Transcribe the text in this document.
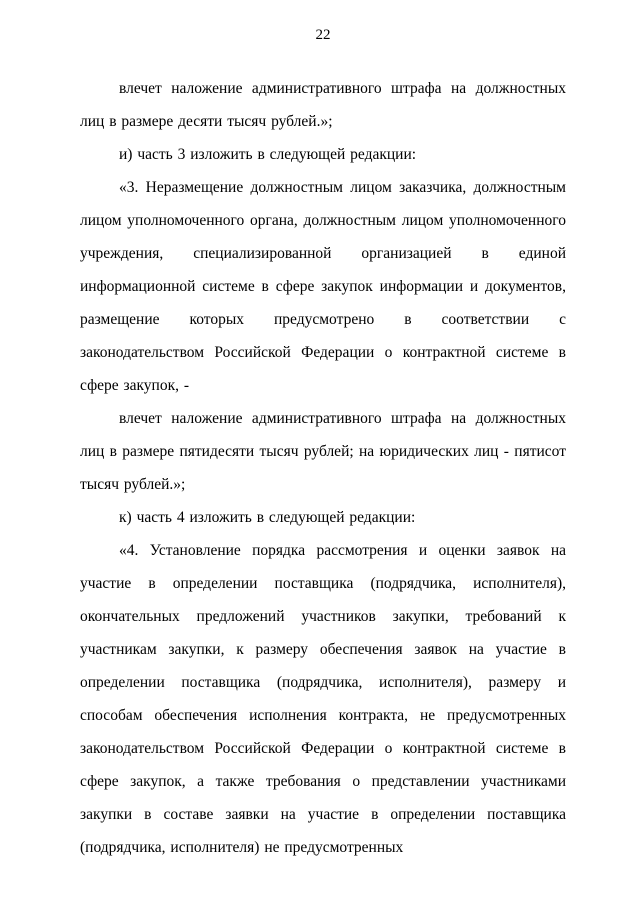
22

влечет наложение административного штрафа на должностных лиц в размере десяти тысяч рублей.»;

и) часть 3 изложить в следующей редакции:

«3. Неразмещение должностным лицом заказчика, должностным лицом уполномоченного органа, должностным лицом уполномоченного учреждения, специализированной организацией в единой информационной системе в сфере закупок информации и документов, размещение которых предусмотрено в соответствии с законодательством Российской Федерации о контрактной системе в сфере закупок, -

влечет наложение административного штрафа на должностных лиц в размере пятидесяти тысяч рублей; на юридических лиц - пятисот тысяч рублей.»;

к) часть 4 изложить в следующей редакции:

«4. Установление порядка рассмотрения и оценки заявок на участие в определении поставщика (подрядчика, исполнителя), окончательных предложений участников закупки, требований к участникам закупки, к размеру обеспечения заявок на участие в определении поставщика (подрядчика, исполнителя), размеру и способам обеспечения исполнения контракта, не предусмотренных законодательством Российской Федерации о контрактной системе в сфере закупок, а также требования о представлении участниками закупки в составе заявки на участие в определении поставщика (подрядчика, исполнителя) не предусмотренных
